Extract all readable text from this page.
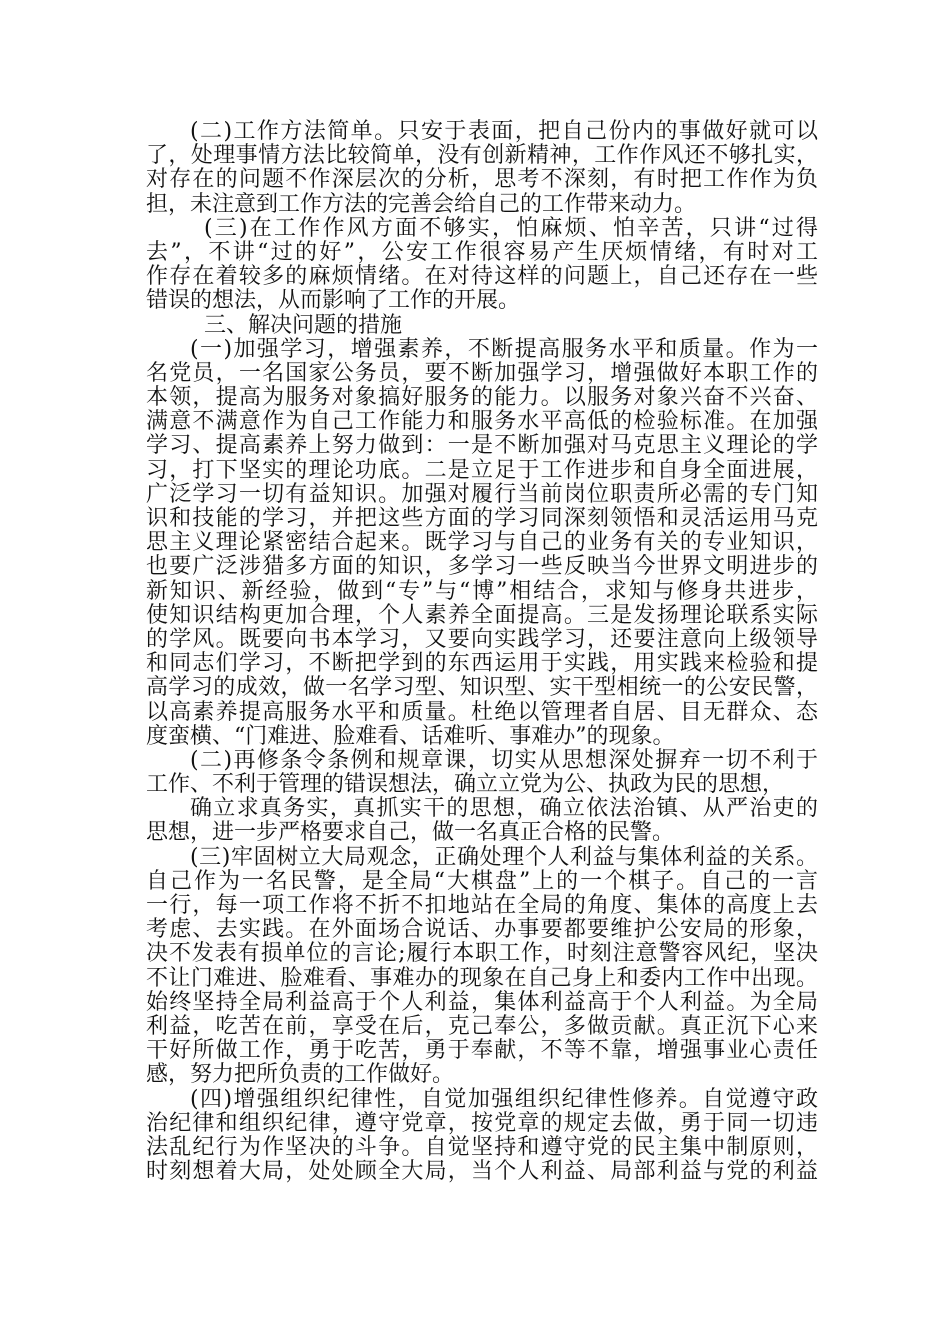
(二)工作方法简单。只安于表面，把自己份内的事做好就可以
了，处理事情方法比较简单，没有创新精神，工作作风还不够扎实，
对存在的问题不作深层次的分析，思考不深刻，有时把工作作为负
担，未注意到工作方法的完善会给自己的工作带来动力。
(三)在工作作风方面不够实，怕麻烦、怕辛苦，只讲“过得
去”，不讲“过的好”，公安工作很容易产生厌烦情绪，有时对工
作存在着较多的麻烦情绪。在对待这样的问题上，自己还存在一些
错误的想法，从而影响了工作的开展。
三、解决问题的措施
(一)加强学习，增强素养，不断提高服务水平和质量。作为一
名党员，一名国家公务员，要不断加强学习，增强做好本职工作的
本领，提高为服务对象搞好服务的能力。以服务对象兴奋不兴奋、
满意不满意作为自己工作能力和服务水平高低的检验标准。在加强
学习、提高素养上努力做到：一是不断加强对马克思主义理论的学
习，打下坚实的理论功底。二是立足于工作进步和自身全面进展，
广泛学习一切有益知识。加强对履行当前岗位职责所必需的专门知
识和技能的学习，并把这些方面的学习同深刻领悟和灵活运用马克
思主义理论紧密结合起来。既学习与自己的业务有关的专业知识，
也要广泛涉猎多方面的知识，多学习一些反映当今世界文明进步的
新知识、新经验，做到“专”与“博”相结合，求知与修身共进步，
使知识结构更加合理，个人素养全面提高。三是发扬理论联系实际
的学风。既要向书本学习，又要向实践学习，还要注意向上级领导
和同志们学习，不断把学到的东西运用于实践，用实践来检验和提
高学习的成效，做一名学习型、知识型、实干型相统一的公安民警，
以高素养提高服务水平和质量。杜绝以管理者自居、目无群众、态
度蛮横、“门难进、脸难看、话难听、事难办”的现象。
(二)再修条令条例和规章课，切实从思想深处摒弃一切不利于
工作、不利于管理的错误想法，确立立党为公、执政为民的思想，
确立求真务实，真抓实干的思想，确立依法治镇、从严治吏的
思想，进一步严格要求自己，做一名真正合格的民警。
(三)牢固树立大局观念，正确处理个人利益与集体利益的关系。
自己作为一名民警，是全局“大棋盘”上的一个棋子。自己的一言
一行，每一项工作将不折不扣地站在全局的角度、集体的高度上去
考虑、去实践。在外面场合说话、办事要都要维护公安局的形象，
决不发表有损单位的言论;履行本职工作，时刻注意警容风纪，坚决
不让门难进、脸难看、事难办的现象在自己身上和委内工作中出现。
始终坚持全局利益高于个人利益，集体利益高于个人利益。为全局
利益，吃苦在前，享受在后，克己奉公，多做贡献。真正沉下心来
干好所做工作，勇于吃苦，勇于奉献，不等不靠，增强事业心责任
感，努力把所负责的工作做好。
(四)增强组织纪律性，自觉加强组织纪律性修养。自觉遵守政
治纪律和组织纪律，遵守党章，按党章的规定去做，勇于同一切违
法乱纪行为作坚决的斗争。自觉坚持和遵守党的民主集中制原则，
时刻想着大局，处处顾全大局，当个人利益、局部利益与党的利益
